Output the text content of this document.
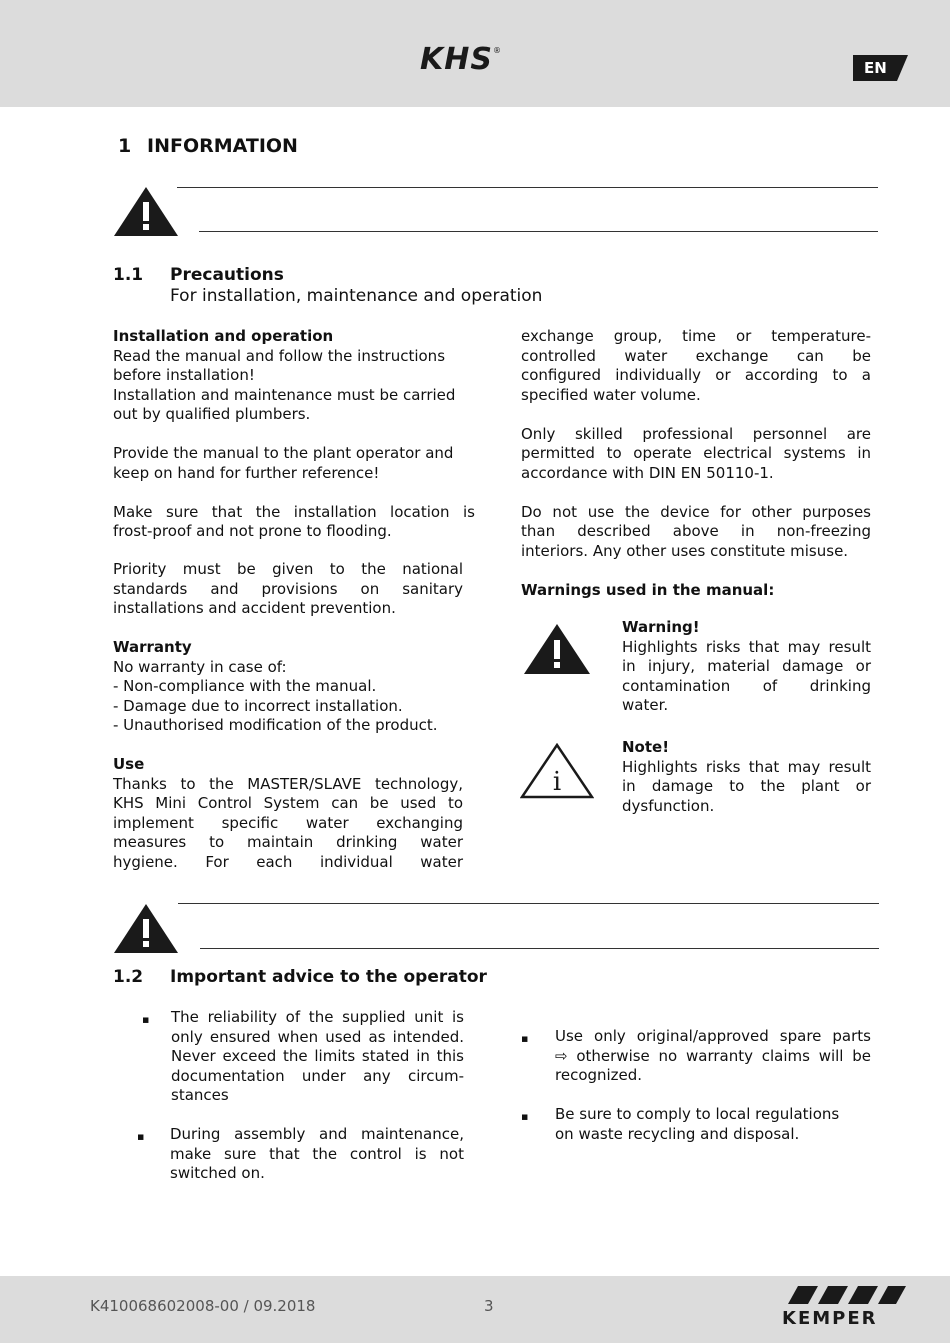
KHS®
EN
1 INFORMATION
1.1 Precautions
For installation, maintenance and operation

Installation and operation
Read the manual and follow the instructions
before installation!
Installation and maintenance must be carried
out by qualified plumbers.

Provide the manual to the plant operator and
keep on hand for further reference!

Make sure that the installation location is
frost-proof and not prone to flooding.

Priority must be given to the national
standards and provisions on sanitary
installations and accident prevention.

Warranty
No warranty in case of:
- Non-compliance with the manual.
- Damage due to incorrect installation.
- Unauthorised modification of the product.

Use
Thanks to the MASTER/SLAVE technology,
KHS Mini Control System can be used to
implement specific water exchanging
measures to maintain drinking water
hygiene. For each individual water

exchange group, time or temperature-
controlled water exchange can be
configured individually or according to a
specified water volume.

Only skilled professional personnel are
permitted to operate electrical systems in
accordance with DIN EN 50110-1.

Do not use the device for other purposes
than described above in non-freezing
interiors. Any other uses constitute misuse.

Warnings used in the manual:

Warning!
Highlights risks that may result
in injury, material damage or
contamination of drinking
water.
i
Note!
Highlights risks that may result
in damage to the plant or
dysfunction.
1.2 Important advice to the operator
▪ The reliability of the supplied unit is
only ensured when used as intended.
Never exceed the limits stated in this
documentation under any circum-
stances
▪ During assembly and maintenance,
make sure that the control is not
switched on.
▪ Use only original/approved spare parts
⇨ otherwise no warranty claims will be
recognized.
▪ Be sure to comply to local regulations
on waste recycling and disposal.
K410068602008-00 / 09.2018	3
KEMPER
